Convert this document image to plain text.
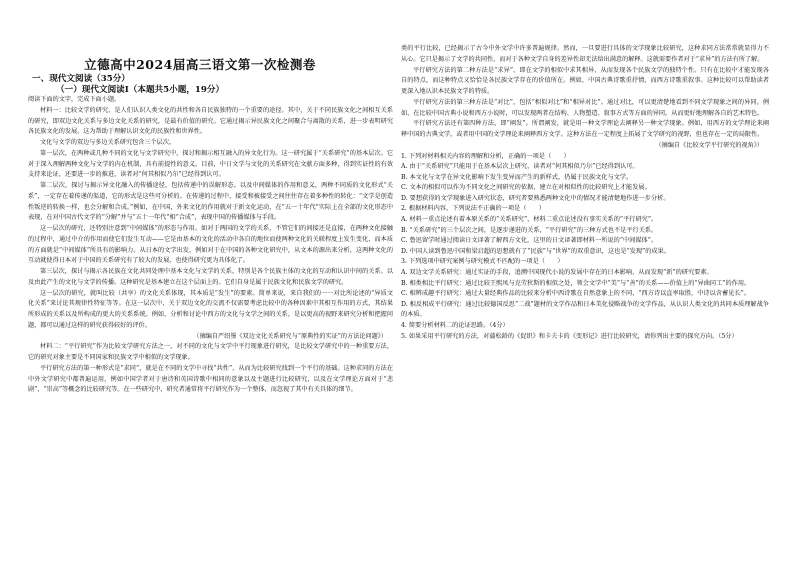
立德高中2024届高三语文第一次检测卷
一、现代文阅读（35分）
（一）现代文阅读Ⅰ（本题共5小题，19分）

阅读下面的文字，完成下面小题。

材料一：比较文学的研究，是人们认识人类文化的共性和各自民族独特的一个重要的途径。其中，关于不同民族文化之间相互关系的研究，即双边文化关系与多边文化关系的研究，是最有价值的研究。它通过揭示异民族文化之间聚合与离散的关系，进一步表明研究各民族文化的发展，这为帮助于理解认识文化的民族性和世界性。

文化与文学的双边与多边关系研究包含三个层次。

第一层次，在两种或几种不同的文化与文学研究中，探讨和揭示相互融入的异文化行为。这一研究属于“关系研究”的基本层次。它对于深入理解两种文化与文学的内在机制，具有前提性的意义。目前，中日文学与文化的关系研究在文献方面多种，得到实证性的有效支持来论证，还要进一步的推进，读者对“何其相似乃尔”已经得到认可。

第二层次，探讨与揭示异文化融入的传播途径，包括传递中的误解形态。以及中间媒体的作用和意义，两种不同质的文化形式“关系”，一定存在着传递的渠道，它的形式是这些可分析的。在传递的过程中，接受和被接受之间往往存在着多种性的转化：“文学是创造性叛逆的转换一样，也会分解和合成。”例如，在中国，外来文化的作用就对于新文化运动，在“五一十年代”实际上在全部的文化形态中表现，在对中国古代文学的“分解”并与“五十一年代”相“合成”，表现中国的传播媒体与手段。

这一层次的研究，还特别注意到“中间媒体”的形态与作用。如对于两国的文学的关系，不管它们的间接还是直接，在两种文化接触的过程中，通过中介的作用而使它们发生互动——它是由基本的文化的活动中各自的地位而使两种文化的关联程度上发生变化，而本质的方面就是“中间媒体”所具有的影响力。从日本的文学出发，例如对于在中国的各种文化研究中，从文本的源出来分析，这两种文化的互动就使得日本对于中国的关系研究有了较大的发展，也使得研究更为具体化了。

第三层次，探讨与揭示各民族在文化共同处理中基本文化与文学的关系，特别是各个民族主体的文化的互动和认识中间的关系。以及由此产生的文化与文学的传播。这种研究是基本建立在这个层面上的。它们自身是属于民族文化和民族文学的研究。

这一层次的研究，就叫比较（共享）的文化关系体现，其本质是“发生”的要素。简单来说，来自我们的一一对比所论述的“异质文化关系”来讨论其规律性特征等等。在这一层次中，关于双边文化的交流不仅需要考虑比较中的各种因素中其相互作用的方式，其结果所形成的关系以及所构成的更大的关系系统。例如，分析和讨论中西方的文化与文学之间的关系，是以更高的视野来研究分析和把握问题，都可以通过这样的研究获得较好的评价。

（摘编自严绍璗《双边文化关系研究与“原典性的实证”的方法论问题》）

材料二：“平行研究”作为比较文学研究方法之一，对不同的文化与文学中平行现象进行研究，是比较文学研究中的一种重要方法，它的研究对象主要是不同国家和民族文学中相似的文学现象。

平行研究方法的第一种形式是“求同”，就是在不同的文学中寻找“共性”，从而为比较研究找到一个平行的基础。这种求同的方法在中外文学研究中都普遍运用，例如中国学者对于唐诗和英国诗歌中相同的意象以及主题进行比较研究，以及在文学理论方面对于“悲剧”、“崇高”等概念的比较研究等。在一些研究中，研究者通常将平行研究作为一个整体，而忽视了其中有关具体的细节。

类的平行比较，已经揭示了古今中外文学中许多普遍规律。然而，一旦要进行具体的文学现象比较研究，这种求同方法常常就显得力不从心。它只是揭示了文学的共同性，而对于各种文学自身的差异性却无法给出满意的解释。这就需要作者对于“求异”的方法有所了解。

平行研究方法的第二种方法是“求异”，即在文学的相似中求其相异，从而发现各个民族文学的独特个性。只有在比较中才能发现各自的特点，而这种特点又恰恰是各民族文学存在的价值所在。例如，中国古典诗歌重抒情，而西方诗歌重叙事。这种比较可以帮助读者更深入地认识本民族文学的特质。

平行研究方法的第三种方法是“对比”，包括“相似对比”和“相异对比”。通过对比，可以更清楚地看到不同文学现象之间的异同。例如，在比较中国古典小说和西方小说时，可以发现两者在结构、人物塑造、叙事方式等方面的异同，从而更好地理解各自的艺术特色。

平行研究方法还有第四种方法，即“阐发”。所谓阐发，就是用一种文学理论去阐释另一种文学现象。例如，用西方的文学理论来阐释中国的古典文学，或者用中国的文学理论来阐释西方文学。这种方法在一定程度上拓展了文学研究的视野，但也存在一定的局限性。

（摘编自《比较文学平行研究的视角》）

1. 下列对材料相关内容的理解和分析，正确的一项是（　　）

A. 由于“关系研究”只能用于在基本层次上研究，读者对“何其相似乃尔”已经得到认可。

B. 本文化与文学在异文化影响下发生变异而产生的新样式，仍属于民族文化与文学。

C. 文本的相似可以作为不同文化之间研究的依据，建立在对相似性的比较研究上才能发展。

D. 要想获得的文学现象进入研究状态，研究者要熟悉两种文化中的情况才能清楚地作进一步分析。

2. 根据材料内容，下列说法不正确的一项是（　　）

A. 材料一重点论述有着本原关系的“关系研究”，材料二重点论述没有事实关系的“平行研究”。

B. “关系研究”的三个层次之间，是逐步递进的关系，“平行研究”的三种方式也不是平行关系。

C. 鲁迅留学时通过阅读日文译著了解西方文化，这里的日文译著即材料一所说的“中间媒体”。

D. 中国人读到鲁迅中国和梁启超的思想就有了“民族”与“世界”的双重意识，这也是“发现”的成果。

3. 下列选项中研究案例与研究模式不匹配的一项是（　　）

A. 双边文学关系研究：通过实证的手段，追溯中国现代小说的发展中存在的日本影响，从而发现“新”的研究要素。

B. 相类相比平行研究：通过比较王熙凤与克劳狄斯的相似之处，领会文学中“美”与“善”的关系——价值上的“异曲同工”的作用。

C. 相辨成趣平行研究：通过大量经典作品的比较来分析中西诗歌在自然意象上的不同，“西方诗以直率取胜，中诗以含蓄见长”。

D. 相反相成平行研究：通过比较德国反思“二战”题材的文学作品和日本美化侵略战争的文学作品，从认识人类文化的共同本质理解战争的本质。

4. 简要分析材料二的论证思路。（4分）

5. 如果采用平行研究的方法，对蒲松龄的《促织》和卡夫卡的《变形记》进行比较研究，请你列出主要的探究方向。（5分）
